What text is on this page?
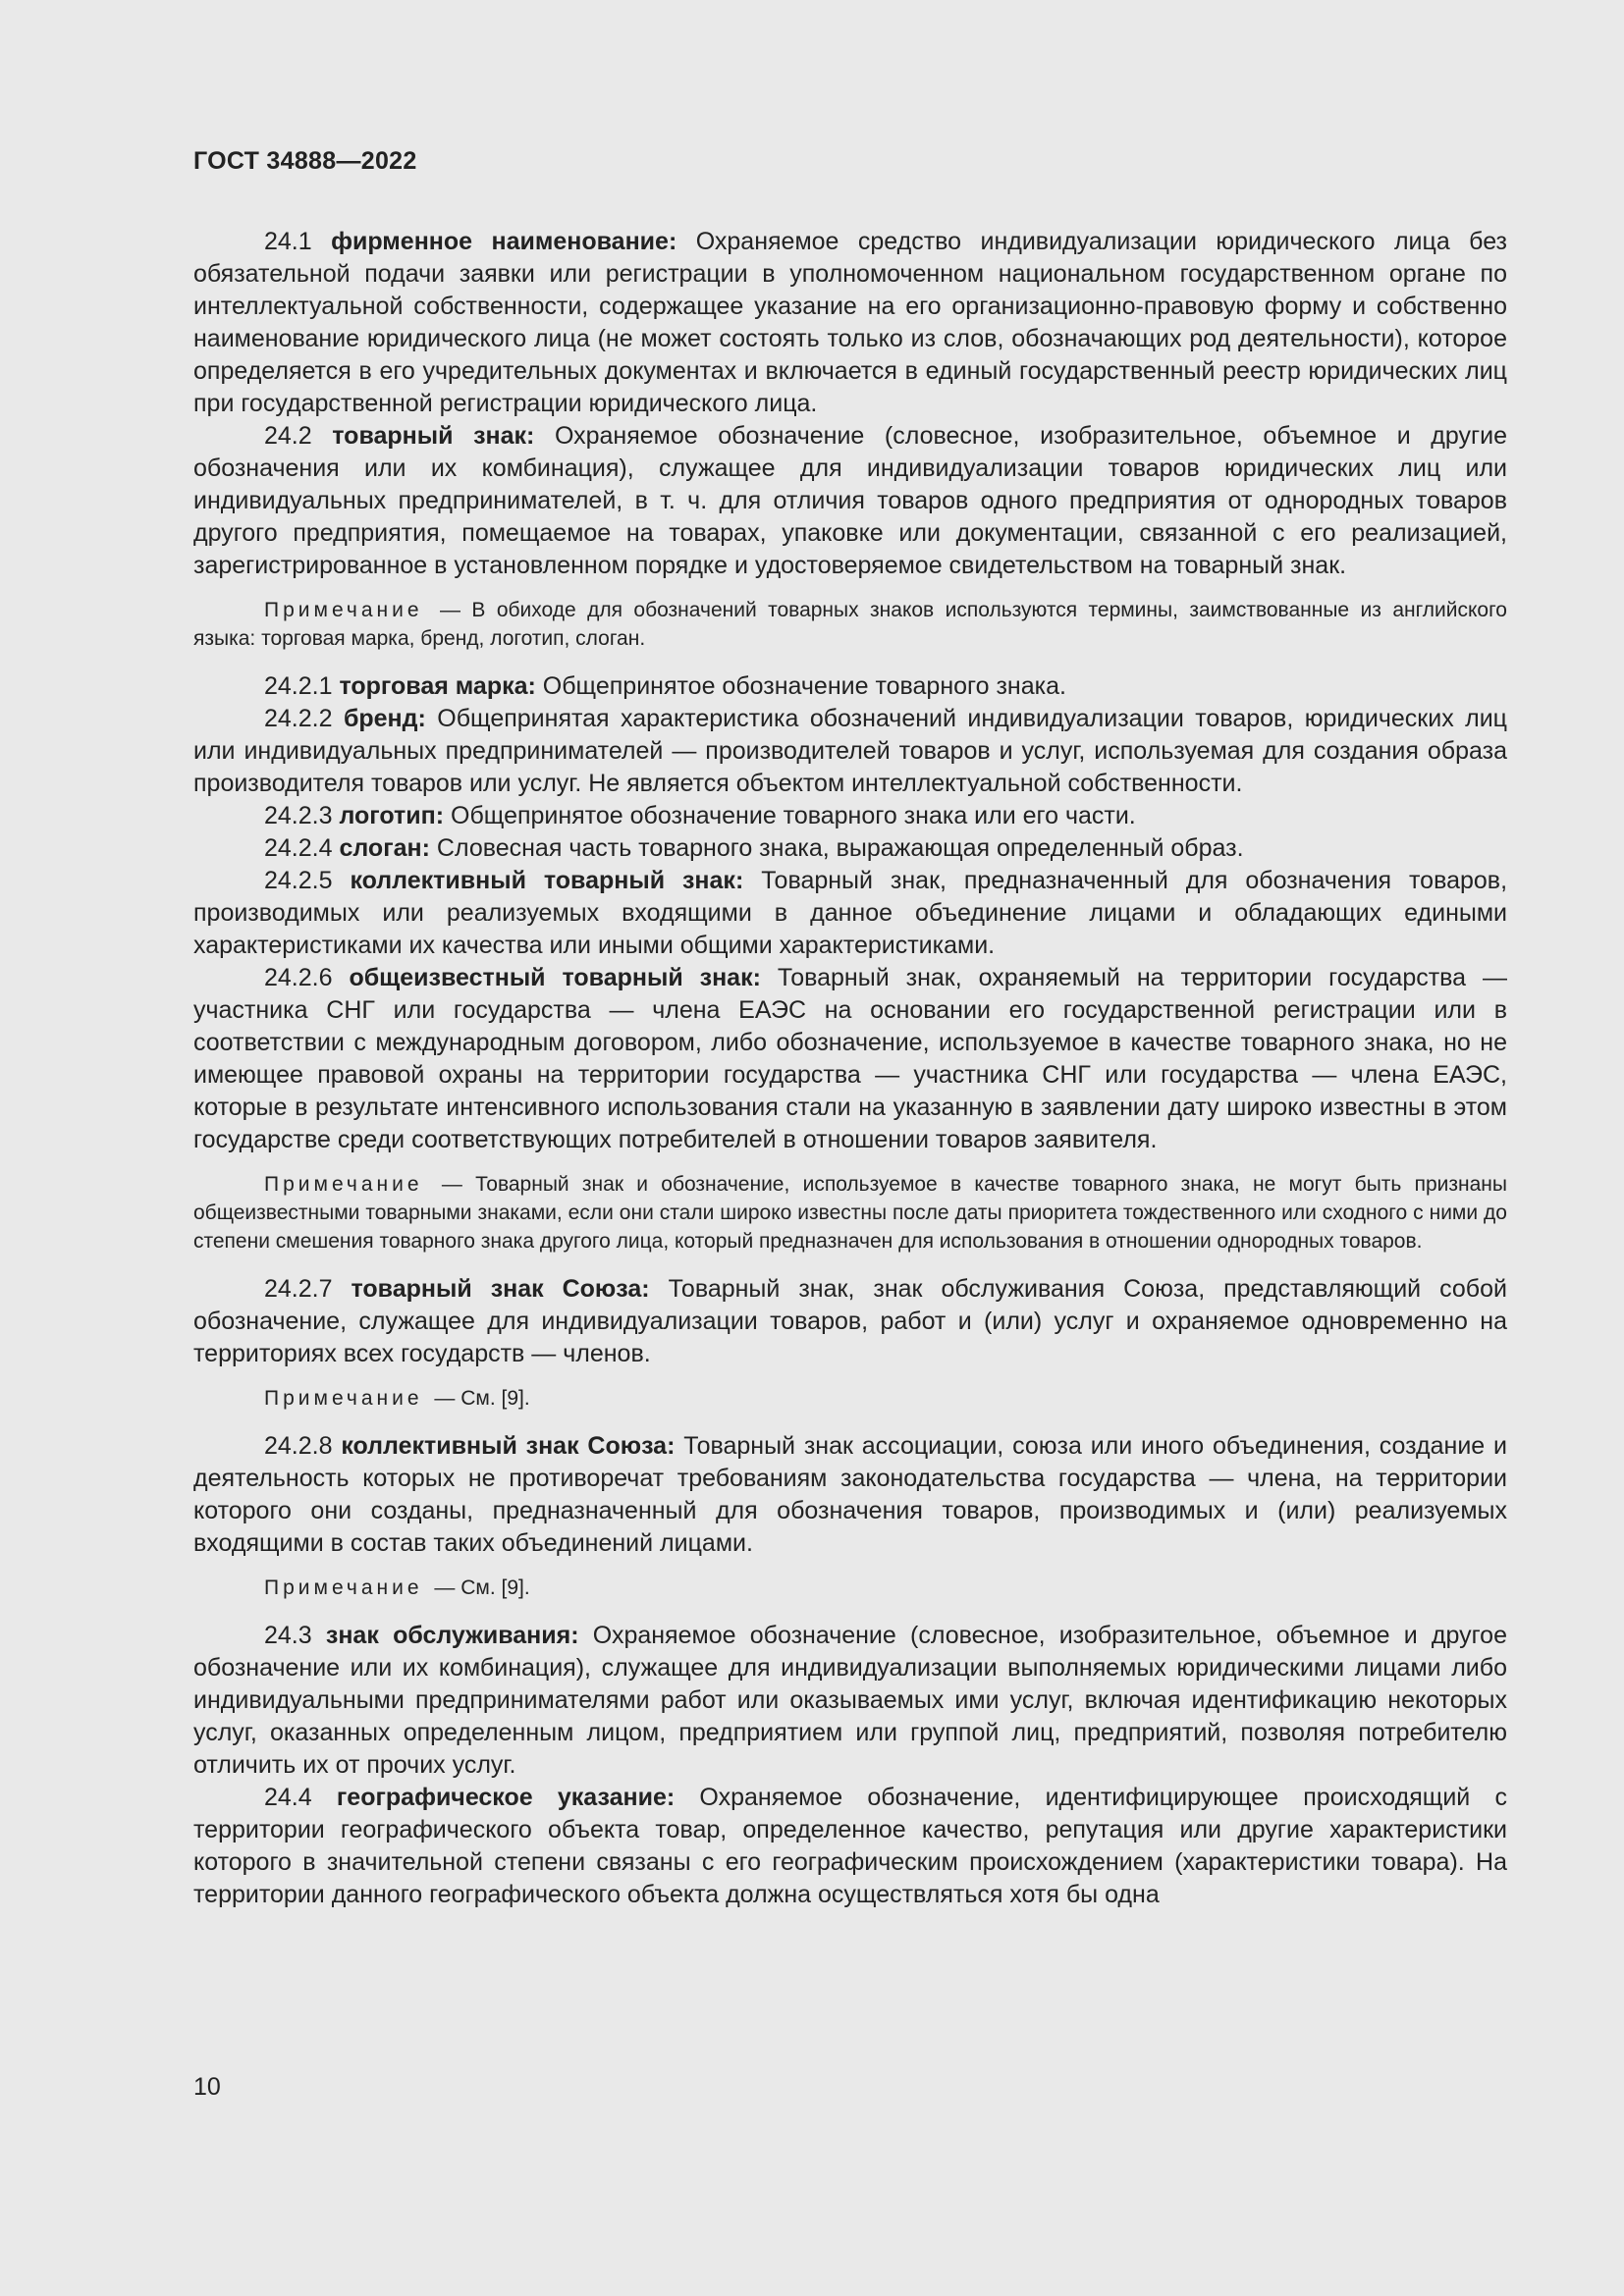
ГОСТ 34888—2022

24.1 фирменное наименование: Охраняемое средство индивидуализации юридического лица без обязательной подачи заявки или регистрации в уполномоченном национальном государственном органе по интеллектуальной собственности, содержащее указание на его организационно-правовую форму и собственно наименование юридического лица (не может состоять только из слов, обозначающих род деятельности), которое определяется в его учредительных документах и включается в единый государственный реестр юридических лиц при государственной регистрации юридического лица.

24.2 товарный знак: Охраняемое обозначение (словесное, изобразительное, объемное и другие обозначения или их комбинация), служащее для индивидуализации товаров юридических лиц или индивидуальных предпринимателей, в т. ч. для отличия товаров одного предприятия от однородных товаров другого предприятия, помещаемое на товарах, упаковке или документации, связанной с его реализацией, зарегистрированное в установленном порядке и удостоверяемое свидетельством на товарный знак.

Примечание — В обиходе для обозначений товарных знаков используются термины, заимствованные из английского языка: торговая марка, бренд, логотип, слоган.

24.2.1 торговая марка: Общепринятое обозначение товарного знака.

24.2.2 бренд: Общепринятая характеристика обозначений индивидуализации товаров, юридических лиц или индивидуальных предпринимателей — производителей товаров и услуг, используемая для создания образа производителя товаров или услуг. Не является объектом интеллектуальной собственности.

24.2.3 логотип: Общепринятое обозначение товарного знака или его части.

24.2.4 слоган: Словесная часть товарного знака, выражающая определенный образ.

24.2.5 коллективный товарный знак: Товарный знак, предназначенный для обозначения товаров, производимых или реализуемых входящими в данное объединение лицами и обладающих едиными характеристиками их качества или иными общими характеристиками.

24.2.6 общеизвестный товарный знак: Товарный знак, охраняемый на территории государства — участника СНГ или государства — члена ЕАЭС на основании его государственной регистрации или в соответствии с международным договором, либо обозначение, используемое в качестве товарного знака, но не имеющее правовой охраны на территории государства — участника СНГ или государства — члена ЕАЭС, которые в результате интенсивного использования стали на указанную в заявлении дату широко известны в этом государстве среди соответствующих потребителей в отношении товаров заявителя.

Примечание — Товарный знак и обозначение, используемое в качестве товарного знака, не могут быть признаны общеизвестными товарными знаками, если они стали широко известны после даты приоритета тождественного или сходного с ними до степени смешения товарного знака другого лица, который предназначен для использования в отношении однородных товаров.

24.2.7 товарный знак Союза: Товарный знак, знак обслуживания Союза, представляющий собой обозначение, служащее для индивидуализации товаров, работ и (или) услуг и охраняемое одновременно на территориях всех государств — членов.

Примечание — См. [9].

24.2.8 коллективный знак Союза: Товарный знак ассоциации, союза или иного объединения, создание и деятельность которых не противоречат требованиям законодательства государства — члена, на территории которого они созданы, предназначенный для обозначения товаров, производимых и (или) реализуемых входящими в состав таких объединений лицами.

Примечание — См. [9].

24.3 знак обслуживания: Охраняемое обозначение (словесное, изобразительное, объемное и другое обозначение или их комбинация), служащее для индивидуализации выполняемых юридическими лицами либо индивидуальными предпринимателями работ или оказываемых ими услуг, включая идентификацию некоторых услуг, оказанных определенным лицом, предприятием или группой лиц, предприятий, позволяя потребителю отличить их от прочих услуг.

24.4 географическое указание: Охраняемое обозначение, идентифицирующее происходящий с территории географического объекта товар, определенное качество, репутация или другие характеристики которого в значительной степени связаны с его географическим происхождением (характеристики товара). На территории данного географического объекта должна осуществляться хотя бы одна

10
